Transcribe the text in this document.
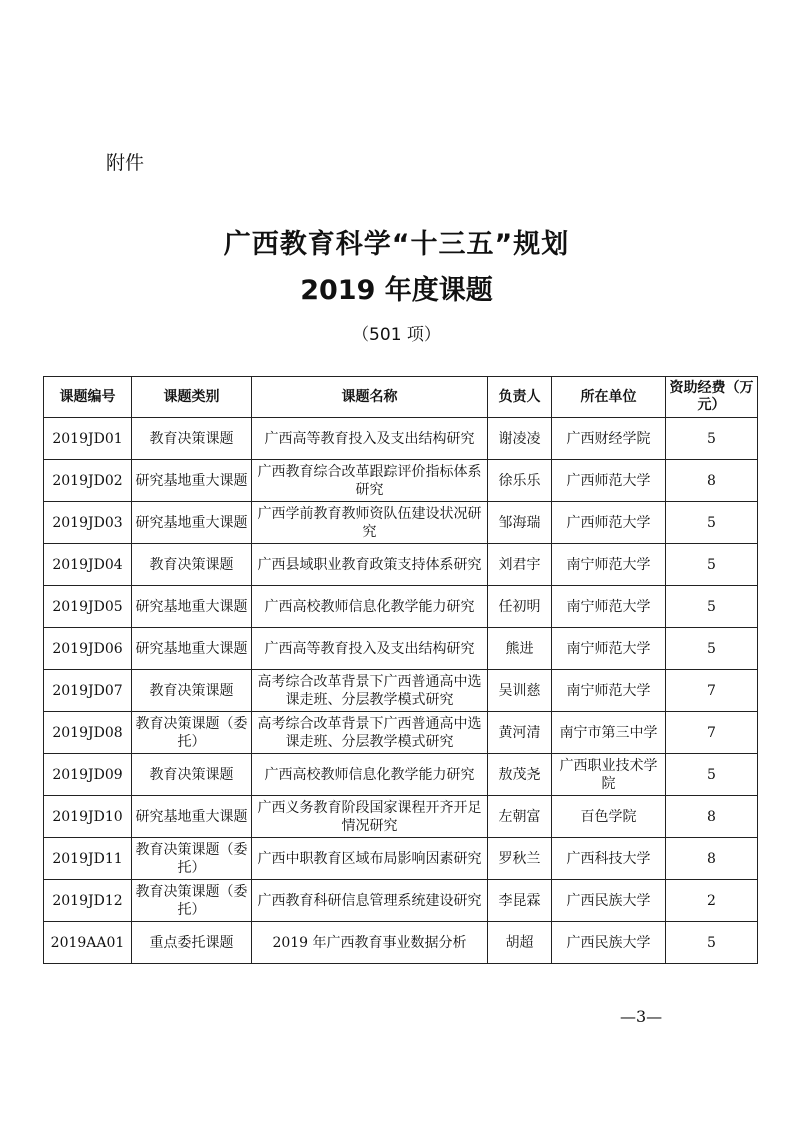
附件
广西教育科学“十三五”规划
2019 年度课题
（501 项）
课题编号	课题类别	课题名称	负责人	所在单位	资助经费（万元）
2019JD01	教育决策课题	广西高等教育投入及支出结构研究	谢凌凌	广西财经学院	5
2019JD02	研究基地重大课题	广西教育综合改革跟踪评价指标体系研究	徐乐乐	广西师范大学	8
2019JD03	研究基地重大课题	广西学前教育教师资队伍建设状况研究	邹海瑞	广西师范大学	5
2019JD04	教育决策课题	广西县域职业教育政策支持体系研究	刘君宇	南宁师范大学	5
2019JD05	研究基地重大课题	广西高校教师信息化教学能力研究	任初明	南宁师范大学	5
2019JD06	研究基地重大课题	广西高等教育投入及支出结构研究	熊进	南宁师范大学	5
2019JD07	教育决策课题	高考综合改革背景下广西普通高中选课走班、分层教学模式研究	吴训慈	南宁师范大学	7
2019JD08	教育决策课题（委托）	高考综合改革背景下广西普通高中选课走班、分层教学模式研究	黄河清	南宁市第三中学	7
2019JD09	教育决策课题	广西高校教师信息化教学能力研究	敖茂尧	广西职业技术学院	5
2019JD10	研究基地重大课题	广西义务教育阶段国家课程开齐开足情况研究	左朝富	百色学院	8
2019JD11	教育决策课题（委托）	广西中职教育区域布局影响因素研究	罗秋兰	广西科技大学	8
2019JD12	教育决策课题（委托）	广西教育科研信息管理系统建设研究	李昆霖	广西民族大学	2
2019AA01	重点委托课题	2019 年广西教育事业数据分析	胡超	广西民族大学	5
—3—
